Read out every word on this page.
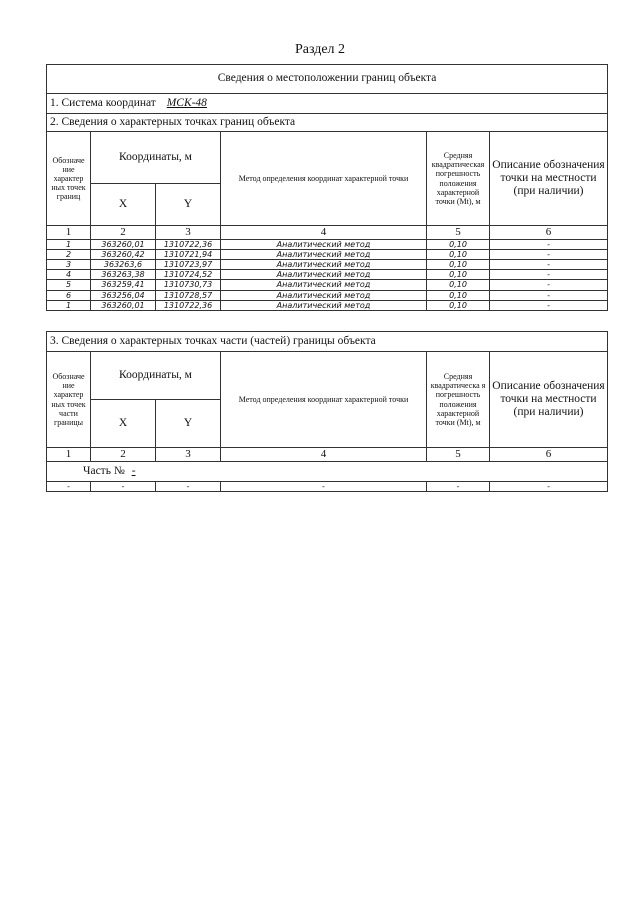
Раздел 2
Сведения о местоположении границ объекта					
1. Система координат МСК-48					
2. Сведения о характерных точках границ объекта					
Обозначе ние характер ных точек границ	Координаты, м		Метод определения координат характерной точки	Средняя квадратическая погрешность положения характерной точки (Mt), м	Описание обозначения точки на местности (при наличии)
	X	Y			
1	2	3	4	5	6
1	363260,01	1310722,36	Аналитический метод	0,10	-
2	363260,42	1310721,94	Аналитический метод	0,10	-
3	363263,6	1310723,97	Аналитический метод	0,10	-
4	363263,38	1310724,52	Аналитический метод	0,10	-
5	363259,41	1310730,73	Аналитический метод	0,10	-
6	363256,04	1310728,57	Аналитический метод	0,10	-
1	363260,01	1310722,36	Аналитический метод	0,10	-
3. Сведения о характерных точках части (частей) границы объекта					
Обозначе ние характер ных точек части границы	Координаты, м		Метод определения координат характерной точки	Средняя квадратическа я погрешность положения характерной точки (Mt), м	Описание обозначения точки на местности (при наличии)
	X	Y			
1	2	3	4	5	6
Часть № -					
-	-	-	-	-	-
